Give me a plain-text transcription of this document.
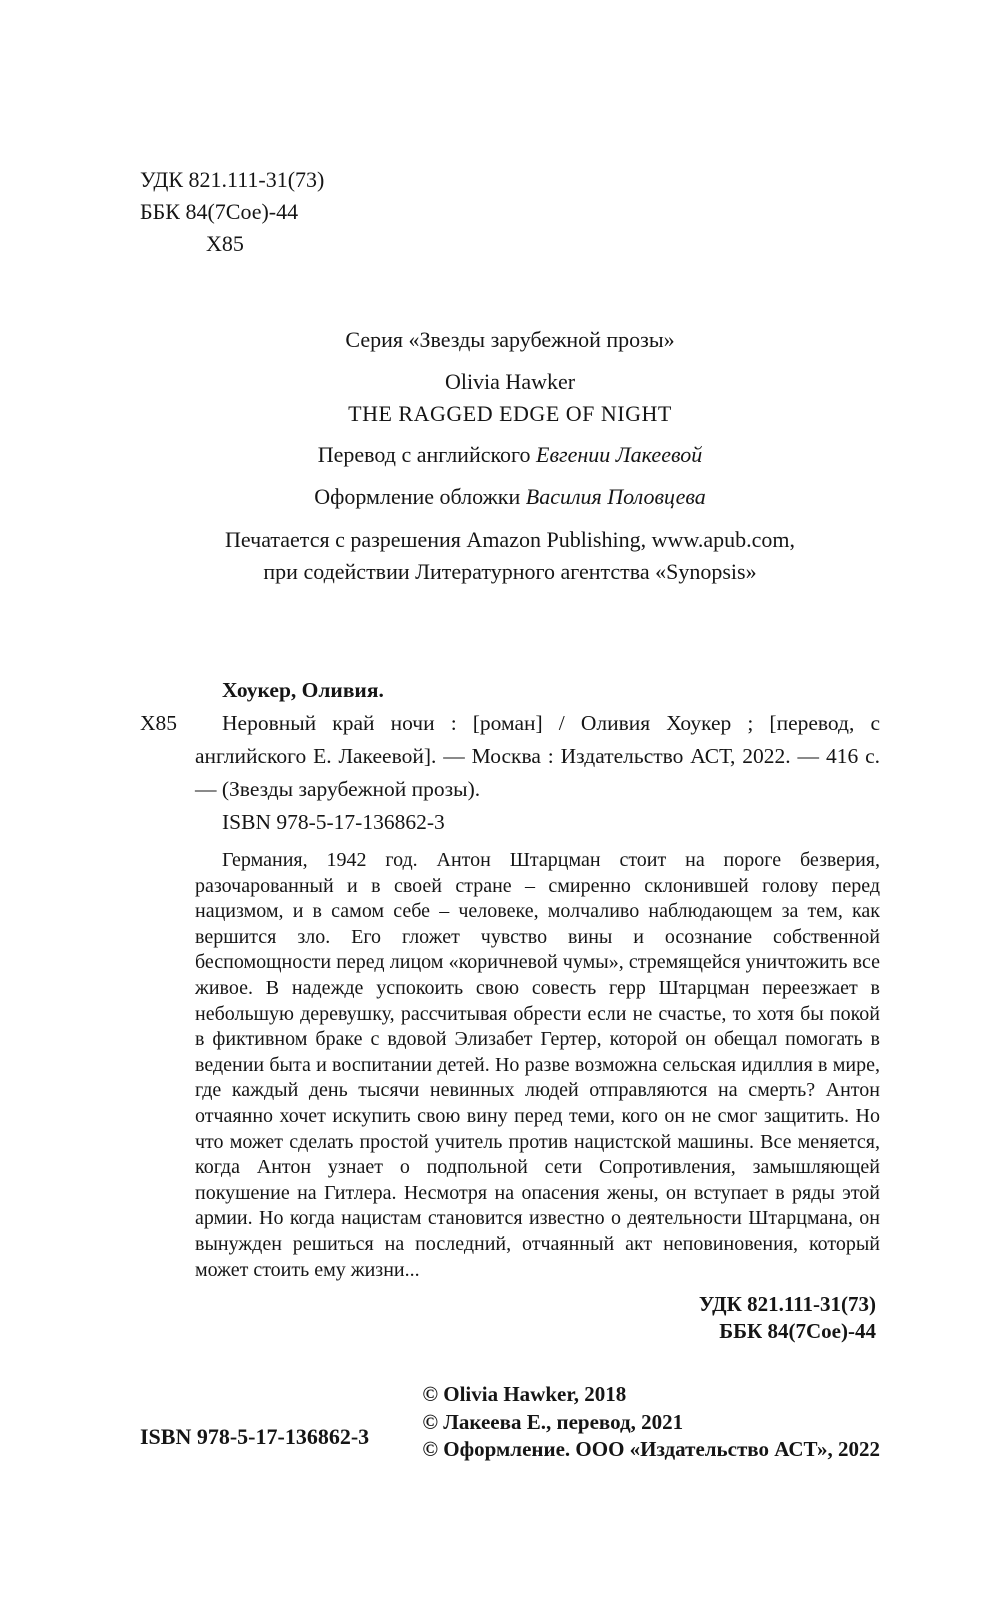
УДК 821.111-31(73)
ББК 84(7Сое)-44
Х85
Серия «Звезды зарубежной прозы»
Olivia Hawker
THE RAGGED EDGE OF NIGHT
Перевод с английского Евгении Лакеевой
Оформление обложки Василия Половцева
Печатается с разрешения Amazon Publishing, www.apub.com,
при содействии Литературного агентства «Synopsis»
Хоукер, Оливия.
Х85	Неровный край ночи : [роман] / Оливия Хоукер ; [перевод, с английского Е. Лакеевой]. — Москва : Издательство АСТ, 2022. — 416 с. — (Звезды зарубежной прозы).

ISBN 978-5-17-136862-3

Германия, 1942 год. Антон Штарцман стоит на пороге безверия, разочарованный и в своей стране – смиренно склонившей голову перед нацизмом, и в самом себе – человеке, молчаливо наблюдающем за тем, как вершится зло. Его гложет чувство вины и осознание собственной беспомощности перед лицом «коричневой чумы», стремящейся уничтожить все живое. В надежде успокоить свою совесть герр Штарцман переезжает в небольшую деревушку, рассчитывая обрести если не счастье, то хотя бы покой в фиктивном браке с вдовой Элизабет Гертер, которой он обещал помогать в ведении быта и воспитании детей. Но разве возможна сельская идиллия в мире, где каждый день тысячи невинных людей отправляются на смерть? Антон отчаянно хочет искупить свою вину перед теми, кого он не смог защитить. Но что может сделать простой учитель против нацистской машины. Все меняется, когда Антон узнает о подпольной сети Сопротивления, замышляющей покушение на Гитлера. Несмотря на опасения жены, он вступает в ряды этой армии. Но когда нацистам становится известно о деятельности Штарцмана, он вынужден решиться на последний, отчаянный акт неповиновения, который может стоить ему жизни...

УДК 821.111-31(73)
ББК 84(7Сое)-44
ISBN 978-5-17-136862-3
© Olivia Hawker, 2018
© Лакеева Е., перевод, 2021
© Оформление. ООО «Издательство АСТ», 2022
